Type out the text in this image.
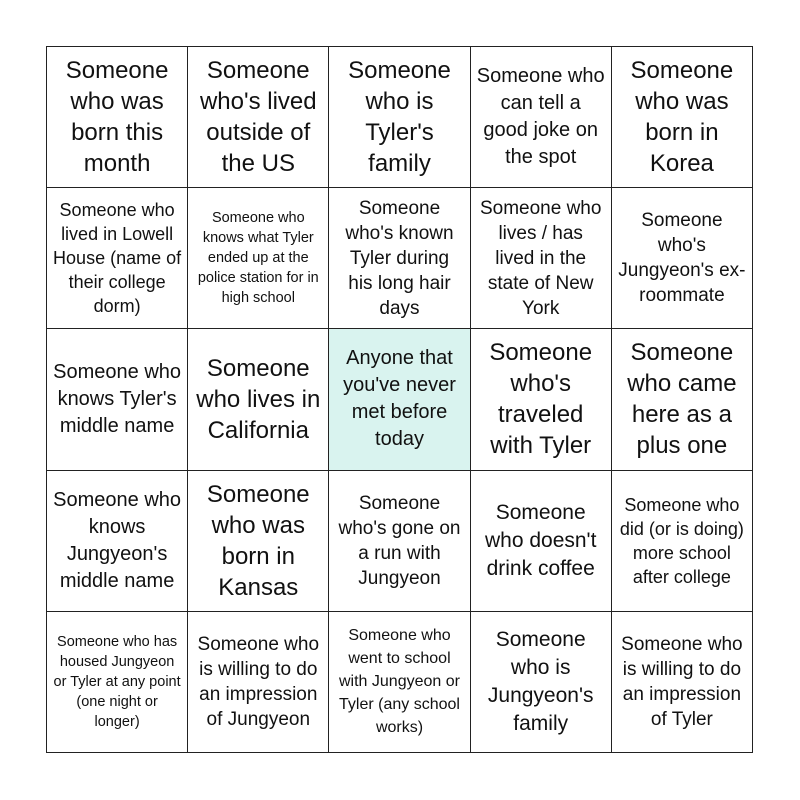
Someone who was born this month
Someone who's lived outside of the US
Someone who is Tyler's family
Someone who can tell a good joke on the spot
Someone who was born in Korea
Someone who lived in Lowell House (name of their college dorm)
Someone who knows what Tyler ended up at the police station for in high school
Someone who's known Tyler during his long hair days
Someone who lives / has lived in the state of New York
Someone who's Jungyeon's ex-roommate
Someone who knows Tyler's middle name
Someone who lives in California
Anyone that you've never met before today
Someone who's traveled with Tyler
Someone who came here as a plus one
Someone who knows Jungyeon's middle name
Someone who was born in Kansas
Someone who's gone on a run with Jungyeon
Someone who doesn't drink coffee
Someone who did (or is doing) more school after college
Someone who has housed Jungyeon or Tyler at any point (one night or longer)
Someone who is willing to do an impression of Jungyeon
Someone who went to school with Jungyeon or Tyler (any school works)
Someone who is Jungyeon's family
Someone who is willing to do an impression of Tyler
